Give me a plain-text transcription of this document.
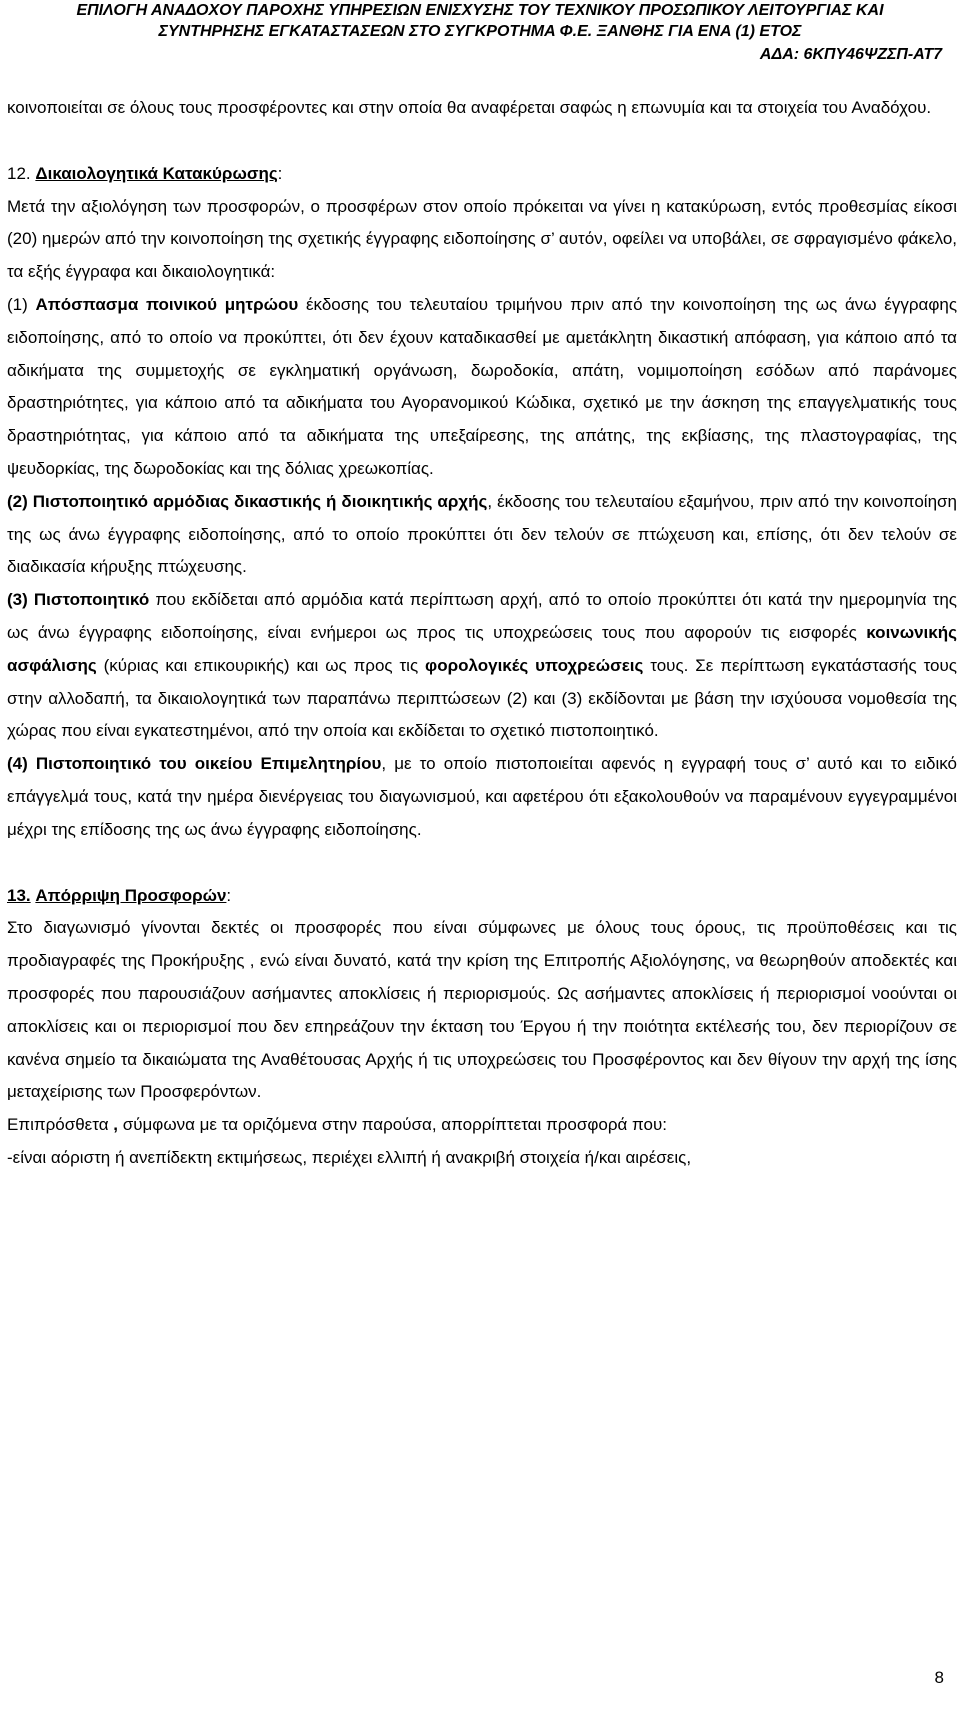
ΕΠΙΛΟΓΗ ΑΝΑΔΟΧΟΥ ΠΑΡΟΧΗΣ ΥΠΗΡΕΣΙΩΝ ΕΝΙΣΧΥΣΗΣ ΤΟΥ ΤΕΧΝΙΚΟΥ ΠΡΟΣΩΠΙΚΟΥ ΛΕΙΤΟΥΡΓΙΑΣ ΚΑΙ
ΣΥΝΤΗΡΗΣΗΣ ΕΓΚΑΤΑΣΤΑΣΕΩΝ ΣΤΟ ΣΥΓΚΡΟΤΗΜΑ Φ.Ε. ΞΑΝΘΗΣ ΓΙΑ ΕΝΑ (1) ΕΤΟΣ
ΑΔΑ: 6ΚΠΥ46ΨΖΣΠ-ΑΤ7

κοινοποιείται σε όλους τους προσφέροντες και στην οποία θα αναφέρεται σαφώς η επωνυμία και τα στοιχεία του Αναδόχου.

12. Δικαιολογητικά Κατακύρωσης:

Μετά την αξιολόγηση των προσφορών, ο προσφέρων στον οποίο πρόκειται να γίνει η κατακύρωση, εντός προθεσμίας είκοσι (20) ημερών από την κοινοποίηση της σχετικής έγγραφης ειδοποίησης σ’ αυτόν, οφείλει να υποβάλει, σε σφραγισμένο φάκελο, τα εξής έγγραφα και δικαιολογητικά:

(1) Απόσπασμα ποινικού μητρώου έκδοσης του τελευταίου τριμήνου πριν από την κοινοποίηση της ως άνω έγγραφης ειδοποίησης, από το οποίο να προκύπτει, ότι δεν έχουν καταδικασθεί με αμετάκλητη δικαστική απόφαση, για κάποιο από τα αδικήματα της συμμετοχής σε εγκληματική οργάνωση, δωροδοκία, απάτη, νομιμοποίηση εσόδων από παράνομες δραστηριότητες, για κάποιο από τα αδικήματα του Αγορανομικού Κώδικα, σχετικό με την άσκηση της επαγγελματικής τους δραστηριότητας, για κάποιο από τα αδικήματα της υπεξαίρεσης, της απάτης, της εκβίασης, της πλαστογραφίας, της ψευδορκίας, της δωροδοκίας και της δόλιας χρεωκοπίας.

(2) Πιστοποιητικό αρμόδιας δικαστικής ή διοικητικής αρχής, έκδοσης του τελευταίου εξαμήνου, πριν από την κοινοποίηση της ως άνω έγγραφης ειδοποίησης, από το οποίο προκύπτει ότι δεν τελούν σε πτώχευση και, επίσης, ότι δεν τελούν σε διαδικασία κήρυξης πτώχευσης.

(3) Πιστοποιητικό που εκδίδεται από αρμόδια κατά περίπτωση αρχή, από το οποίο προκύπτει ότι κατά την ημερομηνία της ως άνω έγγραφης ειδοποίησης, είναι ενήμεροι ως προς τις υποχρεώσεις τους που αφορούν τις εισφορές κοινωνικής ασφάλισης (κύριας και επικουρικής) και ως προς τις φορολογικές υποχρεώσεις τους. Σε περίπτωση εγκατάστασής τους στην αλλοδαπή, τα δικαιολογητικά των παραπάνω περιπτώσεων (2) και (3) εκδίδονται με βάση την ισχύουσα νομοθεσία της χώρας που είναι εγκατεστημένοι, από την οποία και εκδίδεται το σχετικό πιστοποιητικό.

(4) Πιστοποιητικό του οικείου Επιμελητηρίου, με το οποίο πιστοποιείται αφενός η εγγραφή τους σ’ αυτό και το ειδικό επάγγελμά τους, κατά την ημέρα διενέργειας του διαγωνισμού, και αφετέρου ότι εξακολουθούν να παραμένουν εγγεγραμμένοι μέχρι της επίδοσης της ως άνω έγγραφης ειδοποίησης.

13. Απόρριψη Προσφορών:

Στο διαγωνισμό γίνονται δεκτές οι προσφορές που είναι σύμφωνες με όλους τους όρους, τις προϋποθέσεις και τις προδιαγραφές της Προκήρυξης , ενώ είναι δυνατό, κατά την κρίση της Επιτροπής Αξιολόγησης, να θεωρηθούν αποδεκτές και προσφορές που παρουσιάζουν ασήμαντες αποκλίσεις ή περιορισμούς. Ως ασήμαντες αποκλίσεις ή περιορισμοί νοούνται οι αποκλίσεις και οι περιορισμοί που δεν επηρεάζουν την έκταση του Έργου ή την ποιότητα εκτέλεσής του, δεν περιορίζουν σε κανένα σημείο τα δικαιώματα της Αναθέτουσας Αρχής ή τις υποχρεώσεις του Προσφέροντος και δεν θίγουν την αρχή της ίσης μεταχείρισης των Προσφερόντων.

Επιπρόσθετα , σύμφωνα με τα οριζόμενα στην παρούσα, απορρίπτεται προσφορά που:

-είναι αόριστη ή ανεπίδεκτη εκτιμήσεως, περιέχει ελλιπή ή ανακριβή στοιχεία ή/και αιρέσεις,

8
